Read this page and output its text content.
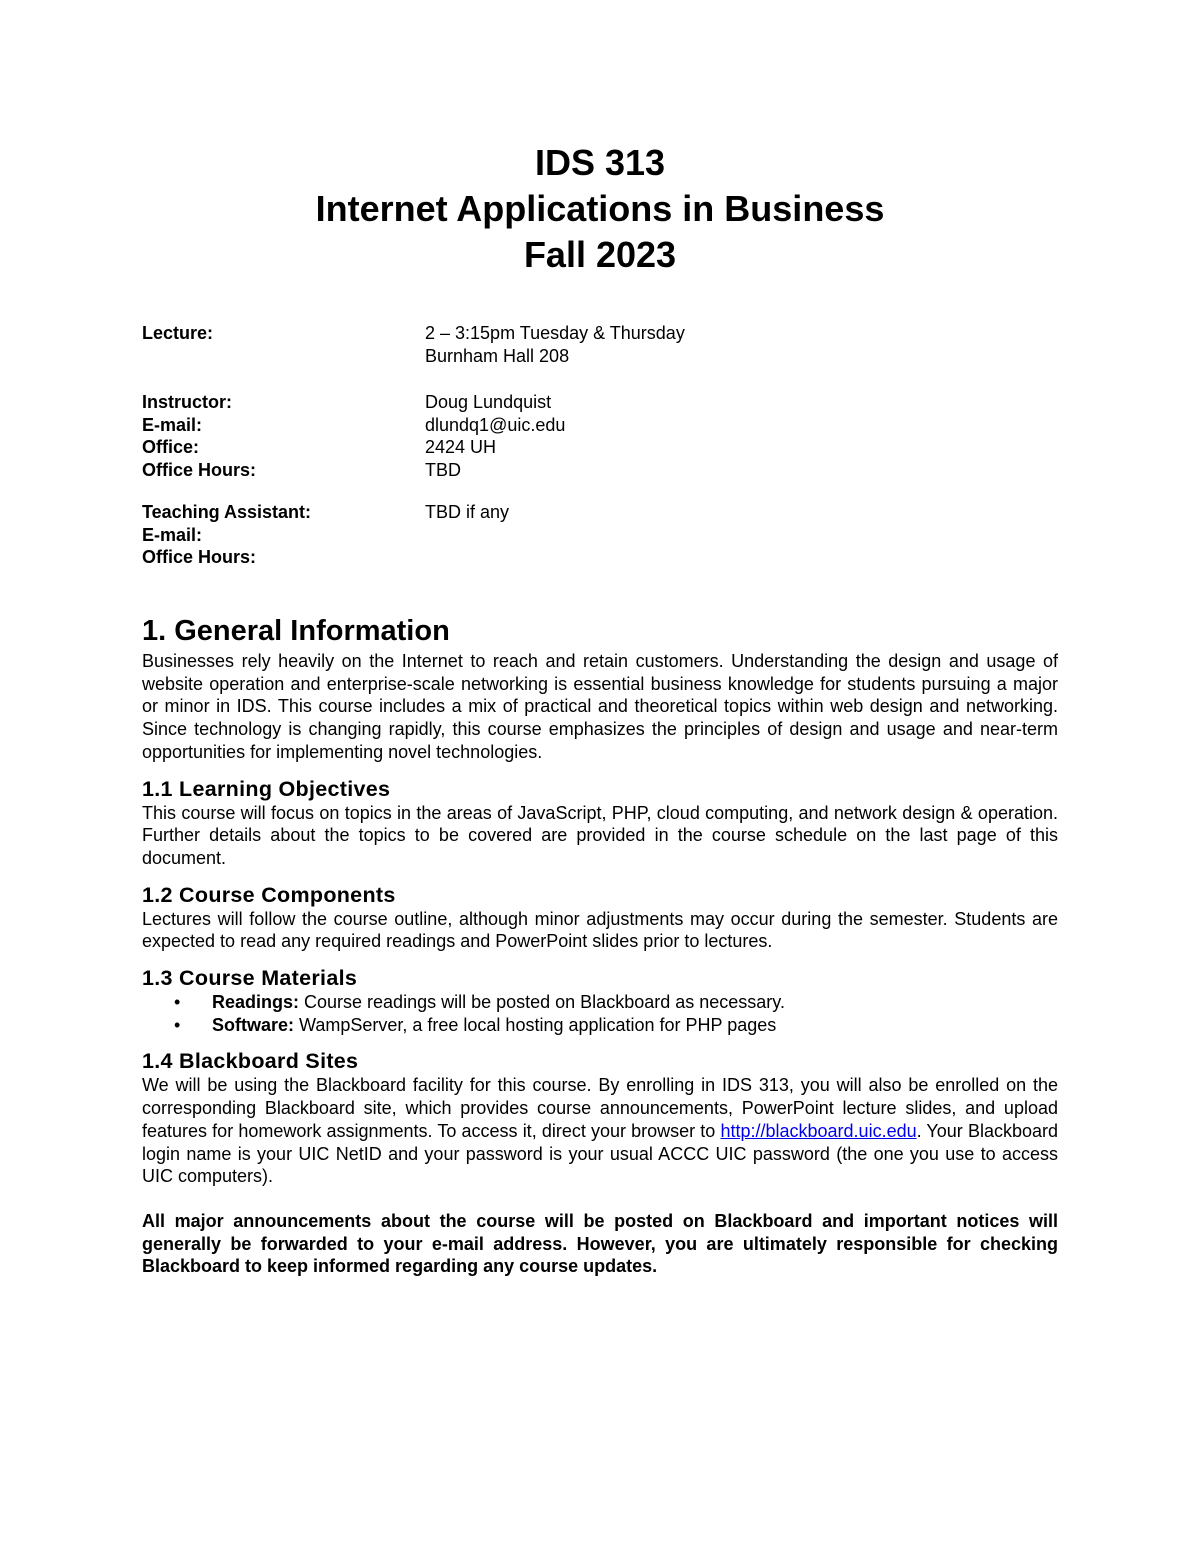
IDS 313
Internet Applications in Business
Fall 2023
Lecture:	2 – 3:15pm Tuesday & Thursday
Burnham Hall 208
Instructor:	Doug Lundquist
E-mail:	dlundq1@uic.edu
Office:	2424 UH
Office Hours:	TBD
Teaching Assistant:	TBD if any
E-mail:
Office Hours:
1. General Information

Businesses rely heavily on the Internet to reach and retain customers. Understanding the design and usage of website operation and enterprise-scale networking is essential business knowledge for students pursuing a major or minor in IDS. This course includes a mix of practical and theoretical topics within web design and networking. Since technology is changing rapidly, this course emphasizes the principles of design and usage and near-term opportunities for implementing novel technologies.

1.1 Learning Objectives

This course will focus on topics in the areas of JavaScript, PHP, cloud computing, and network design & operation. Further details about the topics to be covered are provided in the course schedule on the last page of this document.

1.2 Course Components

Lectures will follow the course outline, although minor adjustments may occur during the semester. Students are expected to read any required readings and PowerPoint slides prior to lectures.

1.3 Course Materials
• Readings: Course readings will be posted on Blackboard as necessary.
• Software: WampServer, a free local hosting application for PHP pages
1.4 Blackboard Sites

We will be using the Blackboard facility for this course. By enrolling in IDS 313, you will also be enrolled on the corresponding Blackboard site, which provides course announcements, PowerPoint lecture slides, and upload features for homework assignments. To access it, direct your browser to http://blackboard.uic.edu. Your Blackboard login name is your UIC NetID and your password is your usual ACCC UIC password (the one you use to access UIC computers).

All major announcements about the course will be posted on Blackboard and important notices will generally be forwarded to your e-mail address. However, you are ultimately responsible for checking Blackboard to keep informed regarding any course updates.
